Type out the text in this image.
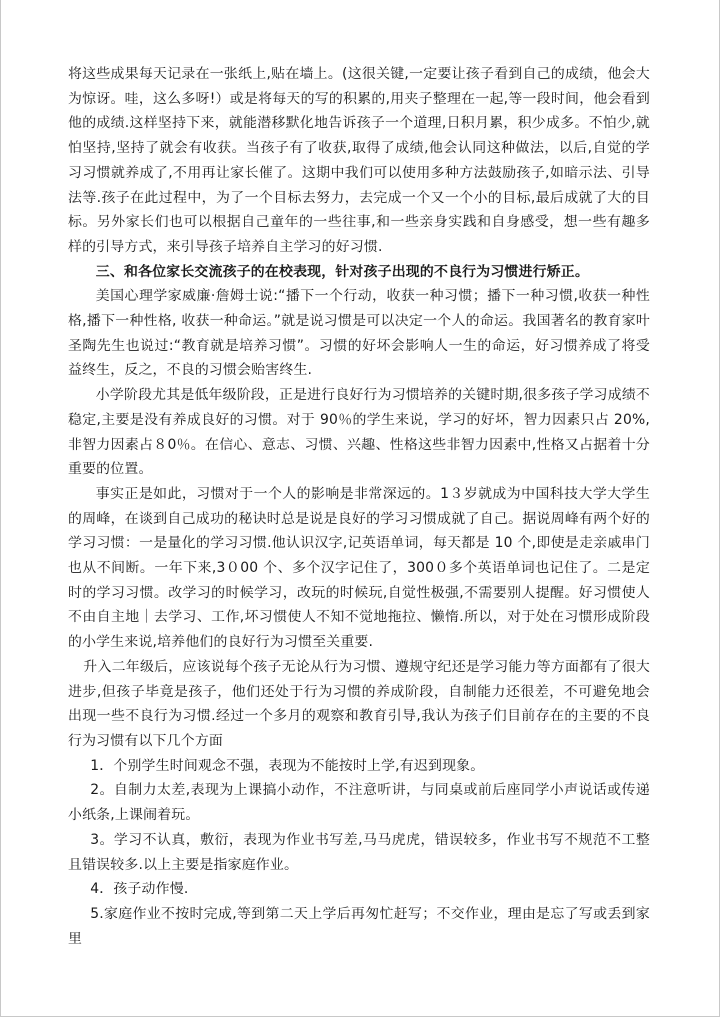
将这些成果每天记录在一张纸上,贴在墙上。(这很关键,一定要让孩子看到自己的成绩，他会大为惊讶。哇，这么多呀!）或是将每天的写的积累的,用夹子整理在一起,等一段时间，他会看到他的成绩.这样坚持下来，就能潜移默化地告诉孩子一个道理,日积月累，积少成多。不怕少,就怕坚持,坚持了就会有收获。当孩子有了收获,取得了成绩,他会认同这种做法，以后,自觉的学习习惯就养成了,不用再让家长催了。这期中我们可以使用多种方法鼓励孩子,如暗示法、引导法等.孩子在此过程中，为了一个目标去努力，去完成一个又一个小的目标,最后成就了大的目标。另外家长们也可以根据自己童年的一些往事,和一些亲身实践和自身感受，想一些有趣多样的引导方式，来引导孩子培养自主学习的好习惯.

三、和各位家长交流孩子的在校表现，针对孩子出现的不良行为习惯进行矫正。

美国心理学家威廉·詹姆士说:“播下一个行动，收获一种习惯；播下一种习惯,收获一种性格,播下一种性格, 收获一种命运。”就是说习惯是可以决定一个人的命运。我国著名的教育家叶圣陶先生也说过:“教育就是培养习惯”。习惯的好坏会影响人一生的命运，好习惯养成了将受益终生，反之，不良的习惯会贻害终生.

小学阶段尤其是低年级阶段，正是进行良好行为习惯培养的关键时期,很多孩子学习成绩不稳定,主要是没有养成良好的习惯。对于 90％的学生来说，学习的好坏，智力因素只占 20%,非智力因素占８0％。在信心、意志、习惯、兴趣、性格这些非智力因素中,性格又占据着十分重要的位置。

事实正是如此，习惯对于一个人的影响是非常深远的。1３岁就成为中国科技大学大学生的周峰，在谈到自己成功的秘诀时总是说是良好的学习习惯成就了自己。据说周峰有两个好的学习习惯：一是量化的学习习惯.他认识汉字,记英语单词，每天都是 10 个,即使是走亲戚串门也从不间断。一年下来,3０00 个、多个汉字记住了，300０多个英语单词也记住了。二是定时的学习习惯。改学习的时候学习，改玩的时候玩,自觉性极强,不需要别人提醒。好习惯使人不由自主地｜去学习、工作,坏习惯使人不知不觉地拖拉、懒惰.所以，对于处在习惯形成阶段的小学生来说,培养他们的良好行为习惯至关重要.

升入二年级后，应该说每个孩子无论从行为习惯、遵规守纪还是学习能力等方面都有了很大进步,但孩子毕竟是孩子，他们还处于行为习惯的养成阶段，自制能力还很差，不可避免地会出现一些不良行为习惯.经过一个多月的观察和教育引导,我认为孩子们目前存在的主要的不良行为习惯有以下几个方面

1．个别学生时间观念不强，表现为不能按时上学,有迟到现象。

2。自制力太差,表现为上课搞小动作，不注意听讲，与同桌或前后座同学小声说话或传递小纸条,上课闹着玩。

3。学习不认真，敷衍，表现为作业书写差,马马虎虎，错误较多，作业书写不规范不工整且错误较多.以上主要是指家庭作业。

4．孩子动作慢.

5.家庭作业不按时完成,等到第二天上学后再匆忙赶写；不交作业，理由是忘了写或丢到家里
